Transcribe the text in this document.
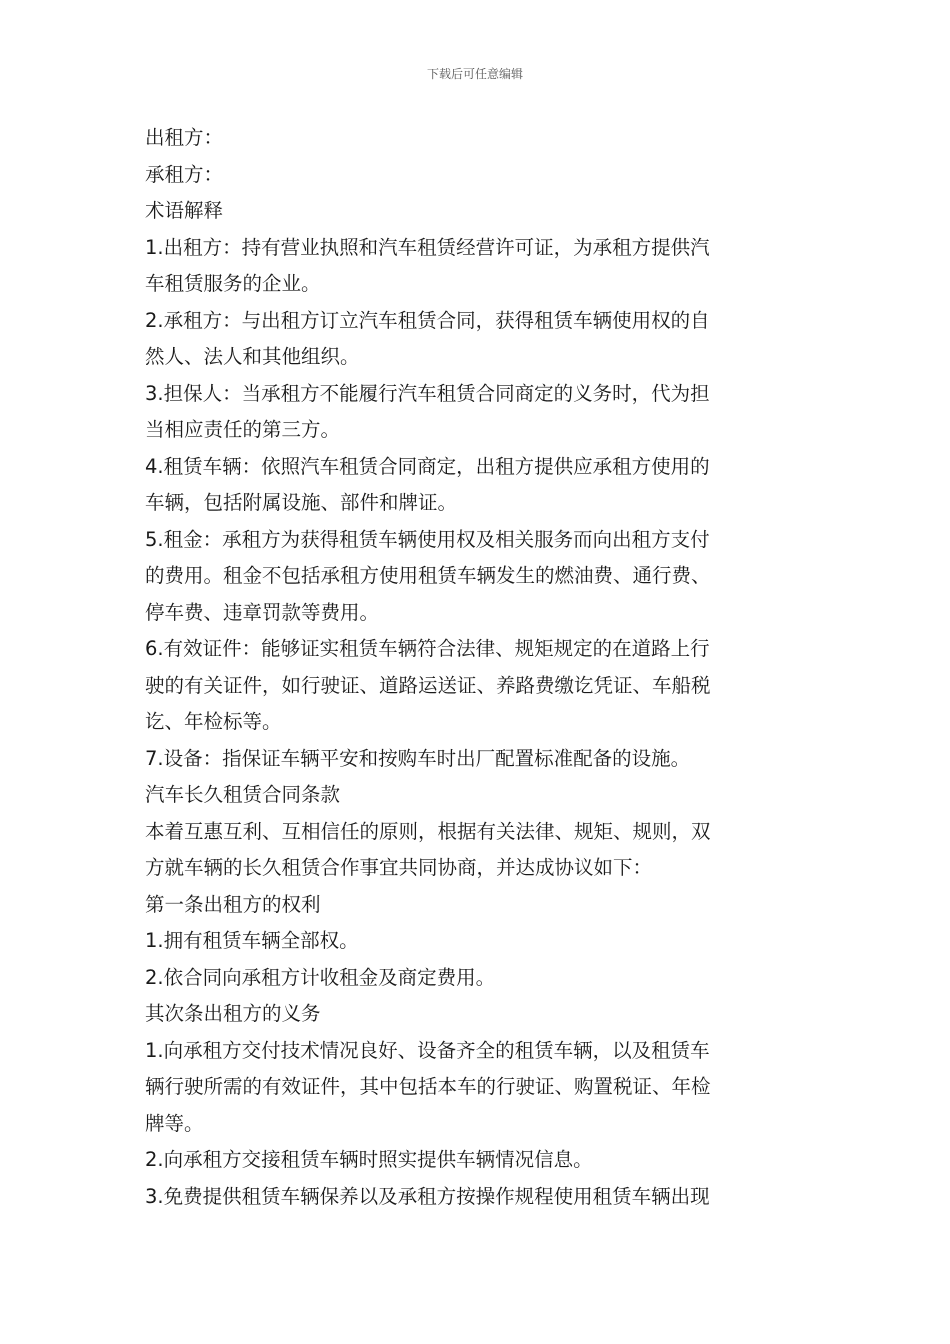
下载后可任意编辑
出租方：
承租方：
术语解释
1.出租方：持有营业执照和汽车租赁经营许可证，为承租方提供汽
车租赁服务的企业。
2.承租方：与出租方订立汽车租赁合同，获得租赁车辆使用权的自
然人、法人和其他组织。
3.担保人：当承租方不能履行汽车租赁合同商定的义务时，代为担
当相应责任的第三方。
4.租赁车辆：依照汽车租赁合同商定，出租方提供应承租方使用的
车辆，包括附属设施、部件和牌证。
5.租金：承租方为获得租赁车辆使用权及相关服务而向出租方支付
的费用。租金不包括承租方使用租赁车辆发生的燃油费、通行费、
停车费、违章罚款等费用。
6.有效证件：能够证实租赁车辆符合法律、规矩规定的在道路上行
驶的有关证件，如行驶证、道路运送证、养路费缴讫凭证、车船税
讫、年检标等。
7.设备：指保证车辆平安和按购车时出厂配置标准配备的设施。
汽车长久租赁合同条款
本着互惠互利、互相信任的原则，根据有关法律、规矩、规则，双
方就车辆的长久租赁合作事宜共同协商，并达成协议如下：
第一条出租方的权利
1.拥有租赁车辆全部权。
2.依合同向承租方计收租金及商定费用。
其次条出租方的义务
1.向承租方交付技术情况良好、设备齐全的租赁车辆，以及租赁车
辆行驶所需的有效证件，其中包括本车的行驶证、购置税证、年检
牌等。
2.向承租方交接租赁车辆时照实提供车辆情况信息。
3.免费提供租赁车辆保养以及承租方按操作规程使用租赁车辆出现
